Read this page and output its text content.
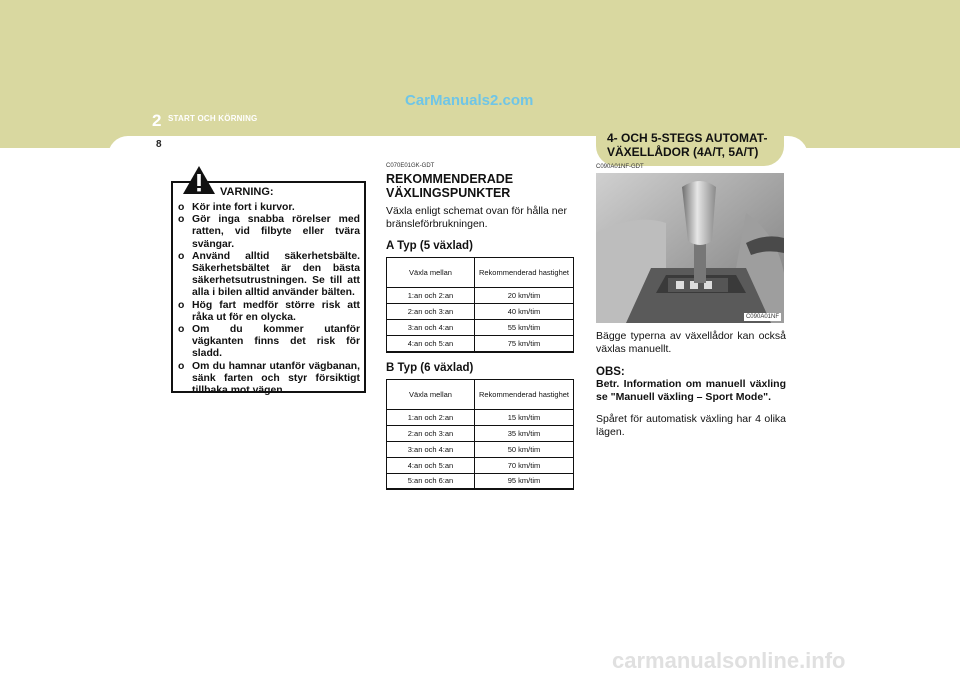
CarManuals2.com
2 START OCH KÖRNING
8	4- OCH 5-STEGS AUTOMAT-VÄXELLÅDOR (4A/T, 5A/T)
o Kör inte fort i kurvor.
o Gör inga snabba rörelser med ratten, vid filbyte eller tvära svängar.
o Använd alltid säkerhetsbälte. Säkerhetsbältet är den bästa säkerhetsutrustningen. Se till att alla i bilen alltid använder bälten.
o Hög fart medför större risk att råka ut för en olycka.
o Om du kommer utanför vägkanten finns det risk för sladd.
o Om du hamnar utanför vägbanan, sänk farten och styr försiktigt tillbaka mot vägen.
VARNING:
C070E01GK-GDT
REKOMMENDERADE VÄXLINGSPUNKTER

Växla enligt schemat ovan för hålla ner bränsleförbrukningen.

A Typ (5 växlad)
Växla mellan	Rekommenderad hastighet
1:an och 2:an	20 km/tim
2:an och 3:an	40 km/tim
3:an och 4:an	55 km/tim
4:an och 5:an	75 km/tim
B Typ (6 växlad)
Växla mellan	Rekommenderad hastighet
1:an och 2:an	15 km/tim
2:an och 3:an	35 km/tim
3:an och 4:an	50 km/tim
4:an och 5:an	70 km/tim
5:an och 6:an	95 km/tim
C090A01NF-GDT
C090A01NF

Bägge typerna av växellådor kan också växlas manuellt.

OBS:

Betr. Information om manuell växling se "Manuell växling – Sport Mode".

Spåret för automatisk växling har 4 olika lägen.

carmanualsonline.info
